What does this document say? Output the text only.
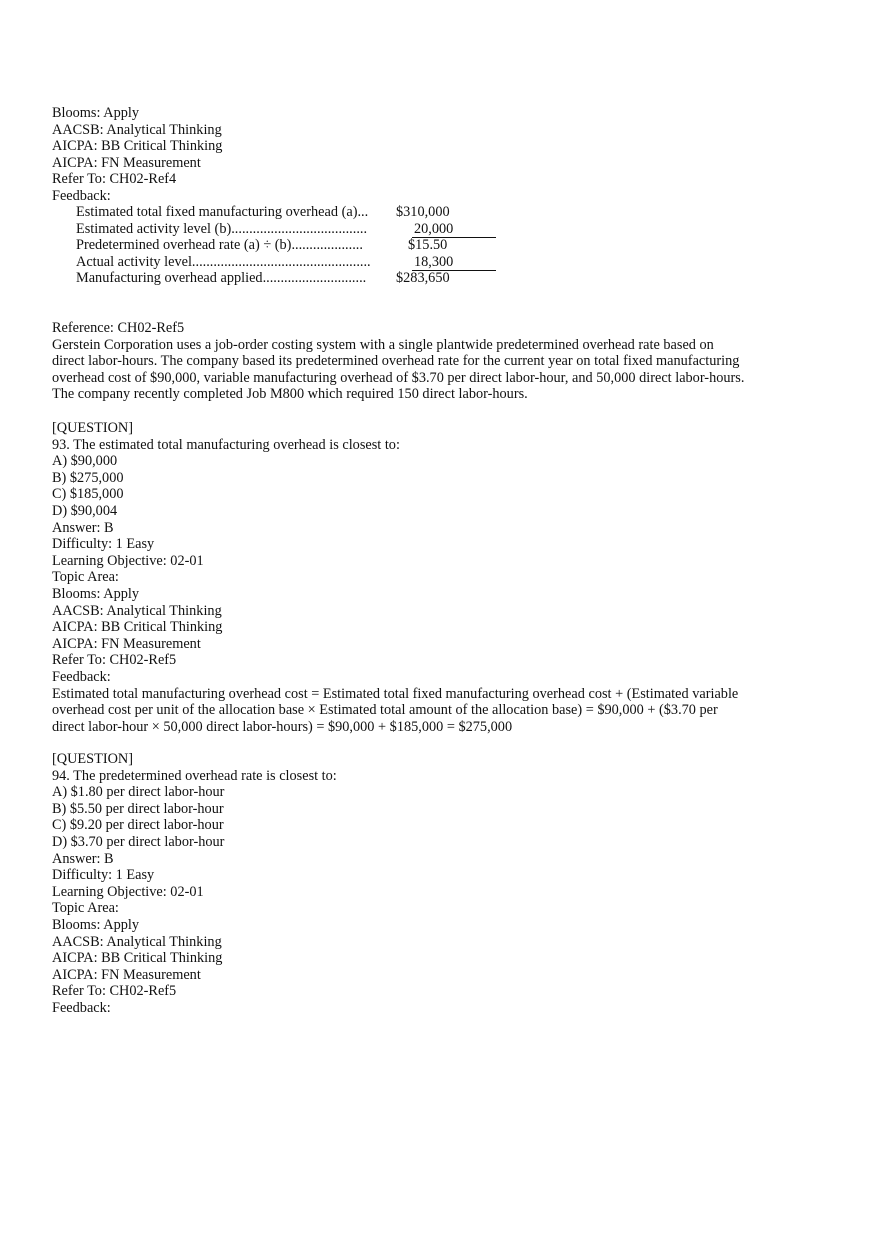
Blooms: Apply
AACSB: Analytical Thinking
AICPA: BB Critical Thinking
AICPA: FN Measurement
Refer To: CH02-Ref4
Feedback:
Estimated total fixed manufacturing overhead (a)... $310,000
Estimated activity level (b)......................................	20,000
Predetermined overhead rate (a) ÷ (b)....................	$15.50
Actual activity level..................................................	18,300
Manufacturing overhead applied............................. $283,650
Reference: CH02-Ref5
Gerstein Corporation uses a job-order costing system with a single plantwide predetermined overhead rate based on
direct labor-hours. The company based its predetermined overhead rate for the current year on total fixed manufacturing
overhead cost of $90,000, variable manufacturing overhead of $3.70 per direct labor-hour, and 50,000 direct labor-hours.
The company recently completed Job M800 which required 150 direct labor-hours.
[QUESTION]
93. The estimated total manufacturing overhead is closest to:
A) $90,000
B) $275,000
C) $185,000
D) $90,004
Answer: B
Difficulty: 1 Easy
Learning Objective: 02-01
Topic Area:
Blooms: Apply
AACSB: Analytical Thinking
AICPA: BB Critical Thinking
AICPA: FN Measurement
Refer To: CH02-Ref5
Feedback:
Estimated total manufacturing overhead cost = Estimated total fixed manufacturing overhead cost + (Estimated variable
overhead cost per unit of the allocation base × Estimated total amount of the allocation base) = $90,000 + ($3.70 per
direct labor-hour × 50,000 direct labor-hours) = $90,000 + $185,000 = $275,000
[QUESTION]
94. The predetermined overhead rate is closest to:
A) $1.80 per direct labor-hour
B) $5.50 per direct labor-hour
C) $9.20 per direct labor-hour
D) $3.70 per direct labor-hour
Answer: B
Difficulty: 1 Easy
Learning Objective: 02-01
Topic Area:
Blooms: Apply
AACSB: Analytical Thinking
AICPA: BB Critical Thinking
AICPA: FN Measurement
Refer To: CH02-Ref5
Feedback:
